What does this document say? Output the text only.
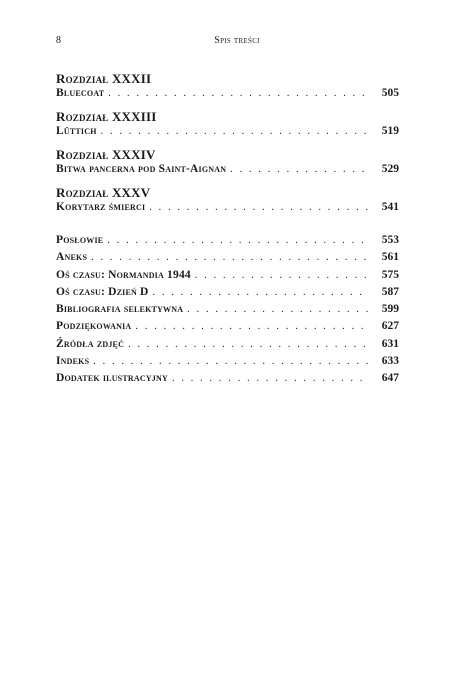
8	Spis treści
Rozdział XXXII
Bluecoat . . .	505
Rozdział XXXIII
Lüttich . . .	519
Rozdział XXXIV
Bitwa pancerna pod Saint-Aignan . . .	529
Rozdział XXXV
Korytarz śmierci . . .	541
Posłowie . . .	553
Aneks . . .	561
Oś czasu: Normandia 1944 . . .	575
Oś czasu: Dzień D . . .	587
Bibliografia selektywna . . .	599
Podziękowania . . .	627
Źródła zdjęć . . .	631
Indeks . . .	633
Dodatek ilustracyjny . . .	647
